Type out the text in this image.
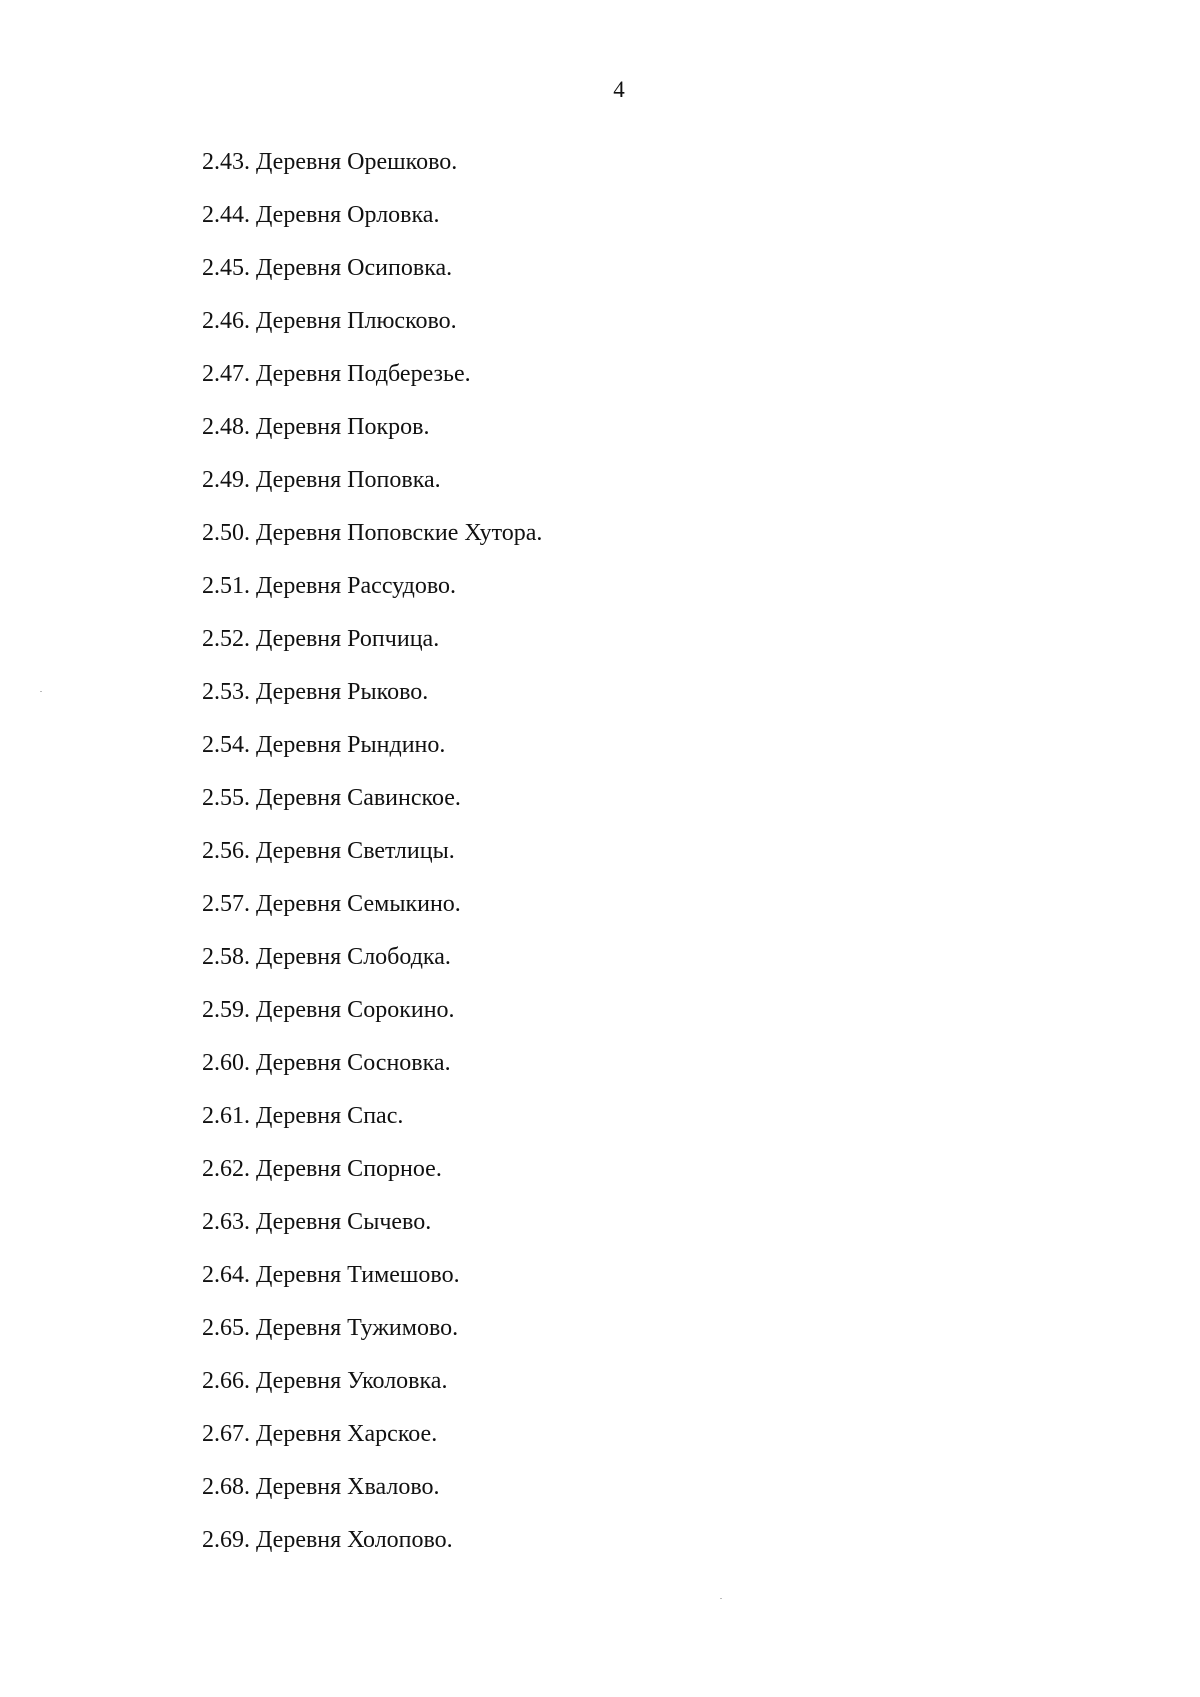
4
2.43. Деревня Орешково.
2.44. Деревня Орловка.
2.45. Деревня Осиповка.
2.46. Деревня Плюсково.
2.47. Деревня Подберезье.
2.48. Деревня Покров.
2.49. Деревня Поповка.
2.50. Деревня Поповские Хутора.
2.51. Деревня Рассудово.
2.52. Деревня Ропчица.
2.53. Деревня Рыково.
2.54. Деревня Рындино.
2.55. Деревня Савинское.
2.56. Деревня Светлицы.
2.57. Деревня Семыкино.
2.58. Деревня Слободка.
2.59. Деревня Сорокино.
2.60. Деревня Сосновка.
2.61. Деревня Спас.
2.62. Деревня Спорное.
2.63. Деревня Сычево.
2.64. Деревня Тимешово.
2.65. Деревня Тужимово.
2.66. Деревня Уколовка.
2.67. Деревня Харское.
2.68. Деревня Хвалово.
2.69. Деревня Холопово.
